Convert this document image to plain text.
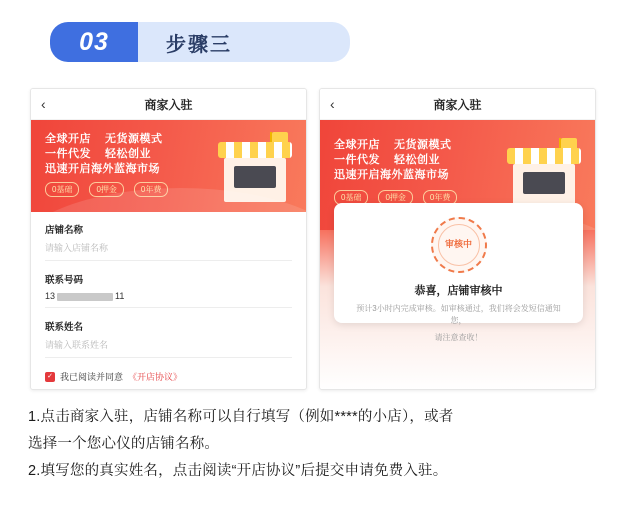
03	步骤三
‹	商家入驻
全球开店 无货源模式
一件代发 轻松创业
迅速开启海外蓝海市场
0基础	0押金	0年费
店铺名称
请输入店铺名称
联系号码
13	11
联系姓名
请输入联系姓名
✓ 我已阅读并同意 《开店协议》
‹	商家入驻
全球开店 无货源模式
一件代发 轻松创业
迅速开启海外蓝海市场
0基础	0押金	0年费
审核中
恭喜，店铺审核中
预计3小时内完成审核。如审核通过，我们将会发短信通知您，
请注意查收！

1.点击商家入驻，店铺名称可以自行填写（例如****的小店），或者

选择一个您心仪的店铺名称。

2.填写您的真实姓名，点击阅读“开店协议”后提交申请免费入驻。
